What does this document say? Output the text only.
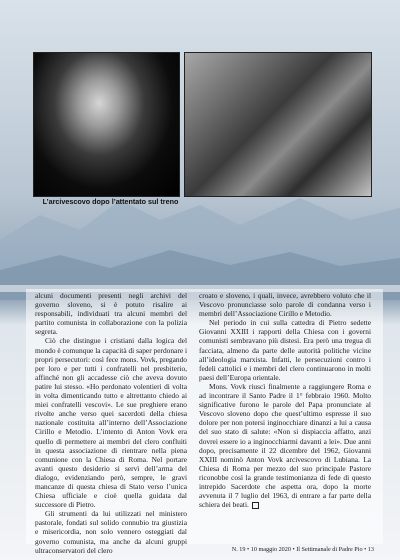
L’arcivescovo dopo l’attentato sul treno

alcuni documenti presenti negli archivi del governo sloveno, si è potuto risalire ai responsabili, individuati tra alcuni membri del partito comunista in collaborazione con la polizia segreta.

Ciò che distingue i cristiani dalla logica del mondo è comunque la capacità di saper perdonare i propri persecutori: così fece mons. Vovk, pregando per loro e per tutti i confratelli nel presbiterio, affinché non gli accadesse ciò che aveva dovuto patire lui stesso. «Ho perdonato volentieri di volta in volta dimenticando tutto e altrettanto chiedo ai miei confratelli vescovi». Le sue preghiere erano rivolte anche verso quei sacerdoti della chiesa nazionale costituita all’interno dell’Associazione Cirillo e Metodio. L’intento di Anton Vovk era quello di permettere ai membri del clero confluiti in questa associazione di rientrare nella piena comunione con la Chiesa di Roma. Nel portare avanti questo desiderio si servì dell’arma del dialogo, evidenziando però, sempre, le gravi mancanze di questa chiesa di Stato verso l’unica Chiesa ufficiale e cioè quella guidata dal successore di Pietro.

Gli strumenti da lui utilizzati nel ministero pastorale, fondati sul solido connubio tra giustizia e misericordia, non solo vennero osteggiati dal governo comunista, ma anche da alcuni gruppi ultraconservatori del clero

croato e sloveno, i quali, invece, avrebbero voluto che il Vescovo pronunciasse solo parole di condanna verso i membri dell’Associazione Cirillo e Metodio.

Nel periodo in cui sulla cattedra di Pietro sedette Giovanni XXIII i rapporti della Chiesa con i governi comunisti sembravano più distesi. Era però una tregua di facciata, almeno da parte delle autorità politiche vicine all’ideologia marxista. Infatti, le persecuzioni contro i fedeli cattolici e i membri del clero continuarono in molti paesi dell’Europa orientale.

Mons. Vovk riuscì finalmente a raggiungere Roma e ad incontrare il Santo Padre il 1° febbraio 1960. Molto significative furono le parole del Papa pronunciate al Vescovo sloveno dopo che quest’ultimo espresse il suo dolore per non potersi inginocchiare dinanzi a lui a causa del suo stato di salute: «Non si dispiaccia affatto, anzi dovrei essere io a inginocchiarmi davanti a lei». Due anni dopo, precisamente il 22 dicembre del 1962, Giovanni XXIII nominò Anton Vovk arcivescovo di Lubiana. La Chiesa di Roma per mezzo del suo principale Pastore riconobbe così la grande testimonianza di fede di questo intrepido Sacerdote che aspetta ora, dopo la morte avvenuta il 7 luglio del 1963, di entrare a far parte della schiera dei beati.

N. 19 • 10 maggio 2020 • Il Settimanale di Padre Pio • 13
